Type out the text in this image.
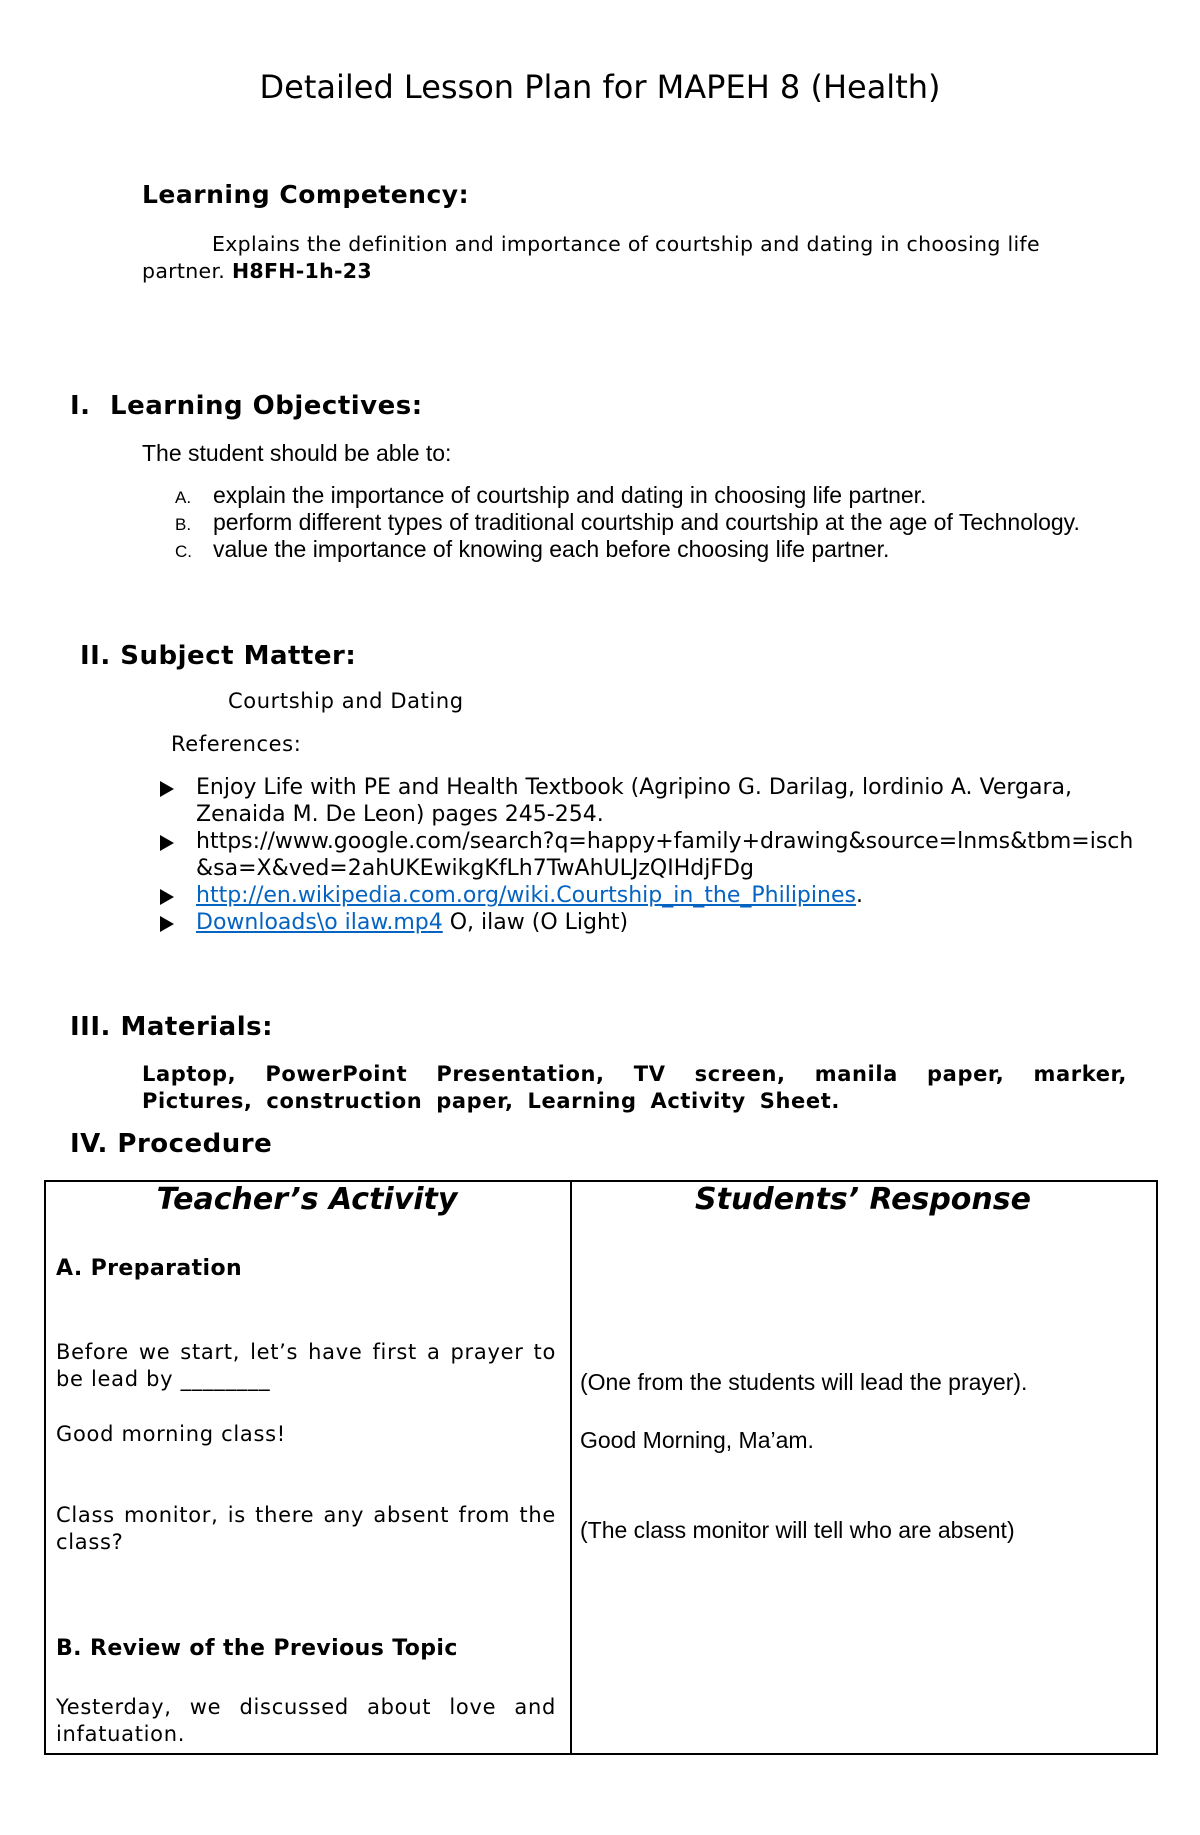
Detailed Lesson Plan for MAPEH 8 (Health)
Learning Competency:
Explains the definition and importance of courtship and dating in choosing life partner. H8FH-1h-23
I. Learning Objectives:
The student should be able to:
A. explain the importance of courtship and dating in choosing life partner.
B. perform different types of traditional courtship and courtship at the age of Technology.
C. value the importance of knowing each before choosing life partner.
II. Subject Matter:
Courtship and Dating
References:
Enjoy Life with PE and Health Textbook (Agripino G. Darilag, lordinio A. Vergara, Zenaida M. De Leon) pages 245-254.
https://www.google.com/search?q=happy+family+drawing&source=lnms&tbm=isch&sa=X&ved=2ahUKEwikgKfLh7TwAhULJzQIHdjFDg
http://en.wikipedia.com.org/wiki.Courtship_in_the_Philipines.
Downloads\o ilaw.mp4 O, ilaw (O Light)
III. Materials:
Laptop, PowerPoint Presentation, TV screen, manila paper, marker, Pictures, construction paper, Learning Activity Sheet.
IV. Procedure
Teacher’s Activity	Students’ Response
A. Preparation
Before we start, let’s have first a prayer to be lead by ________
Good morning class!
Class monitor, is there any absent from the class?
B. Review of the Previous Topic
Yesterday, we discussed about love and infatuation.
(One from the students will lead the prayer).
Good Morning, Ma’am.
(The class monitor will tell who are absent)
